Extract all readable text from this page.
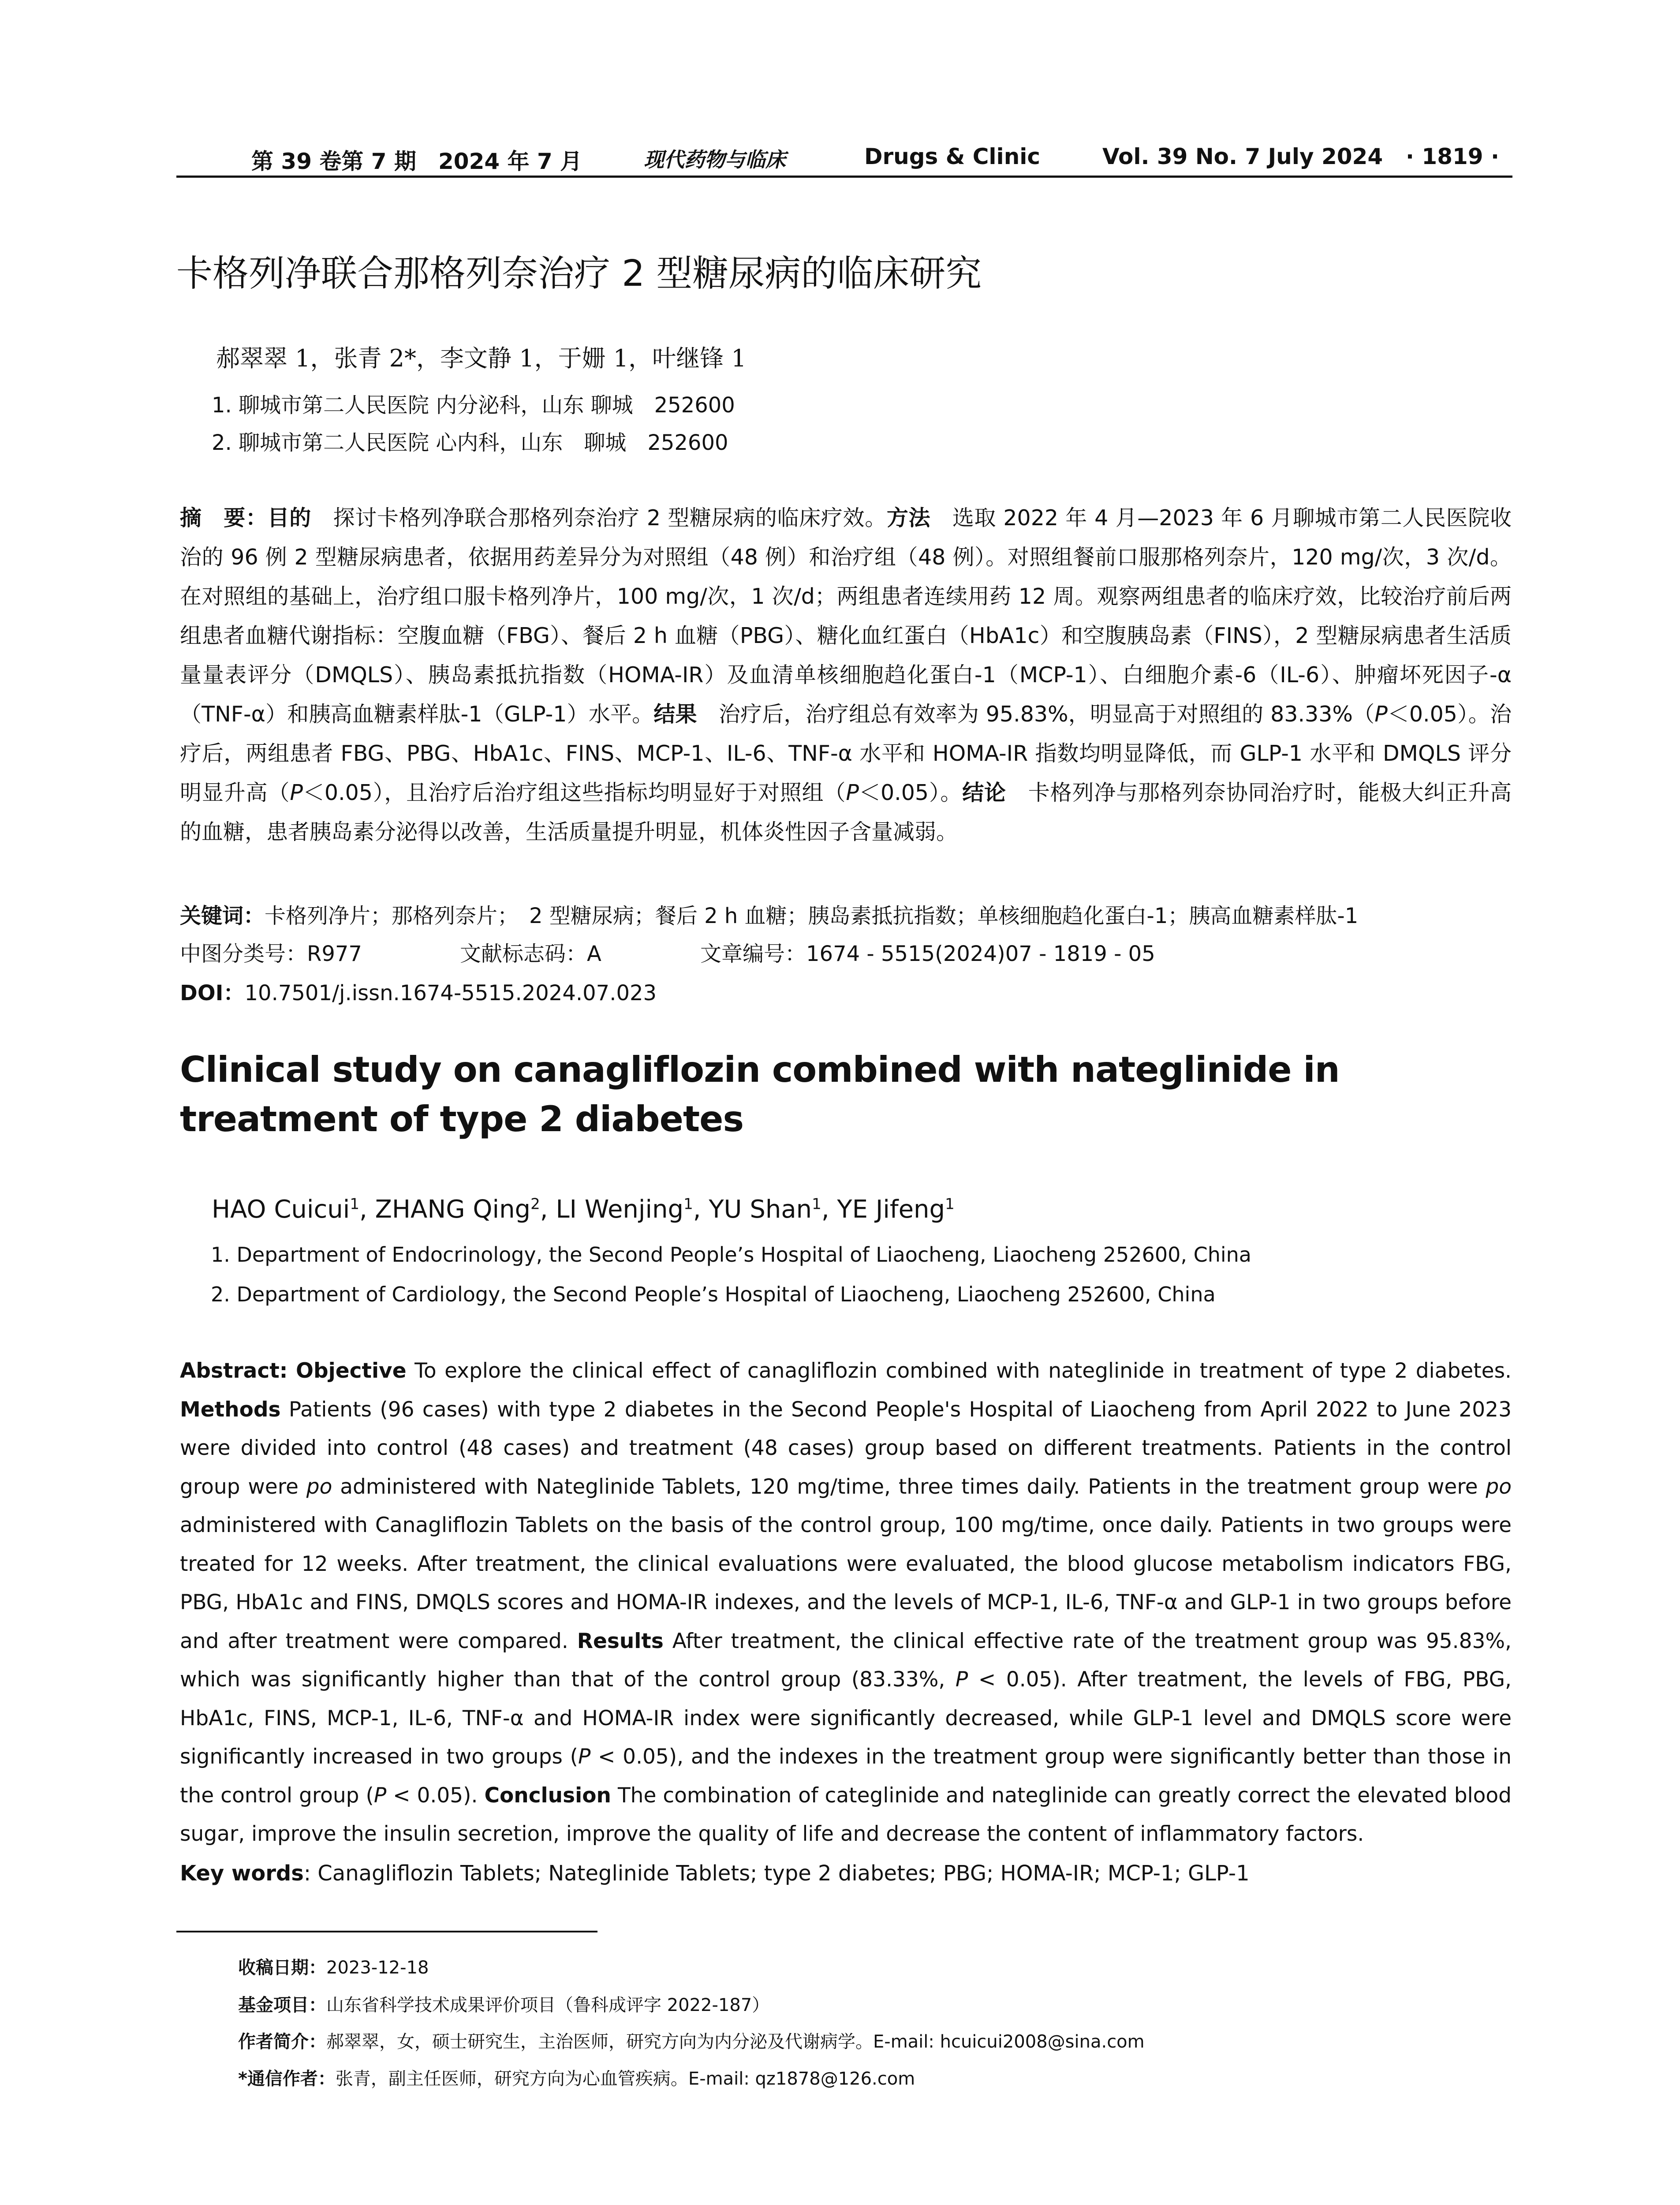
第 39 卷第 7 期　2024 年 7 月	现代药物与临床	Drugs & Clinic	Vol. 39 No. 7 July 2024 · 1819 ·
卡格列净联合那格列奈治疗 2 型糖尿病的临床研究
郝翠翠 1，张青 2*，李文静 1，于姗 1，叶继锋 1
1. 聊城市第二人民医院 内分泌科，山东 聊城　252600
2. 聊城市第二人民医院 心内科，山东　聊城　252600
摘　要：目的　探讨卡格列净联合那格列奈治疗 2 型糖尿病的临床疗效。方法　选取 2022 年 4 月—2023 年 6 月聊城市第二人民医院收治的 96 例 2 型糖尿病患者，依据用药差异分为对照组（48 例）和治疗组（48 例）。对照组餐前口服那格列奈片，120 mg/次，3 次/d。在对照组的基础上，治疗组口服卡格列净片，100 mg/次，1 次/d；两组患者连续用药 12 周。观察两组患者的临床疗效，比较治疗前后两组患者血糖代谢指标：空腹血糖（FBG）、餐后 2 h 血糖（PBG）、糖化血红蛋白（HbA1c）和空腹胰岛素（FINS），2 型糖尿病患者生活质量量表评分（DMQLS）、胰岛素抵抗指数（HOMA-IR）及血清单核细胞趋化蛋白-1（MCP-1）、白细胞介素-6（IL-6）、肿瘤坏死因子-α（TNF-α）和胰高血糖素样肽-1（GLP-1）水平。结果　治疗后，治疗组总有效率为 95.83%，明显高于对照组的 83.33%（P＜0.05）。治疗后，两组患者 FBG、PBG、HbA1c、FINS、MCP-1、IL-6、TNF-α 水平和 HOMA-IR 指数均明显降低，而 GLP-1 水平和 DMQLS 评分明显升高（P＜0.05），且治疗后治疗组这些指标均明显好于对照组（P＜0.05）。结论　卡格列净与那格列奈协同治疗时，能极大纠正升高的血糖，患者胰岛素分泌得以改善，生活质量提升明显，机体炎性因子含量减弱。
关键词：卡格列净片；那格列奈片；　2 型糖尿病；餐后 2 h 血糖；胰岛素抵抗指数；单核细胞趋化蛋白-1；胰高血糖素样肽-1
中图分类号：R977	文献标志码：A	文章编号：1674 - 5515(2024)07 - 1819 - 05
DOI：10.7501/j.issn.1674-5515.2024.07.023
Clinical study on canagliflozin combined with nateglinide in treatment of type 2 diabetes
HAO Cuicui$^1$, ZHANG Qing$^2$, LI Wenjing$^1$, YU Shan$^1$, YE Jifeng$^1$
1. Department of Endocrinology, the Second People’s Hospital of Liaocheng, Liaocheng 252600, China
2. Department of Cardiology, the Second People’s Hospital of Liaocheng, Liaocheng 252600, China
Abstract: Objective To explore the clinical effect of canagliflozin combined with nateglinide in treatment of type 2 diabetes. Methods Patients (96 cases) with type 2 diabetes in the Second People's Hospital of Liaocheng from April 2022 to June 2023 were divided into control (48 cases) and treatment (48 cases) group based on different treatments. Patients in the control group were po administered with Nateglinide Tablets, 120 mg/time, three times daily. Patients in the treatment group were po administered with Canagliflozin Tablets on the basis of the control group, 100 mg/time, once daily. Patients in two groups were treated for 12 weeks. After treatment, the clinical evaluations were evaluated, the blood glucose metabolism indicators FBG, PBG, HbA1c and FINS, DMQLS scores and HOMA-IR indexes, and the levels of MCP-1, IL-6, TNF-α and GLP-1 in two groups before and after treatment were compared. Results After treatment, the clinical effective rate of the treatment group was 95.83%, which was significantly higher than that of the control group (83.33%, P < 0.05). After treatment, the levels of FBG, PBG, HbA1c, FINS, MCP-1, IL-6, TNF-α and HOMA-IR index were significantly decreased, while GLP-1 level and DMQLS score were significantly increased in two groups (P < 0.05), and the indexes in the treatment group were significantly better than those in the control group (P < 0.05). Conclusion The combination of categlinide and nateglinide can greatly correct the elevated blood sugar, improve the insulin secretion, improve the quality of life and decrease the content of inflammatory factors.
Key words: Canagliflozin Tablets; Nateglinide Tablets; type 2 diabetes; PBG; HOMA-IR; MCP-1; GLP-1
收稿日期：2023-12-18
基金项目：山东省科学技术成果评价项目（鲁科成评字 2022-187）
作者简介：郝翠翠，女，硕士研究生，主治医师，研究方向为内分泌及代谢病学。E-mail: hcuicui2008@sina.com
*通信作者：张青，副主任医师，研究方向为心血管疾病。E-mail: qz1878@126.com
